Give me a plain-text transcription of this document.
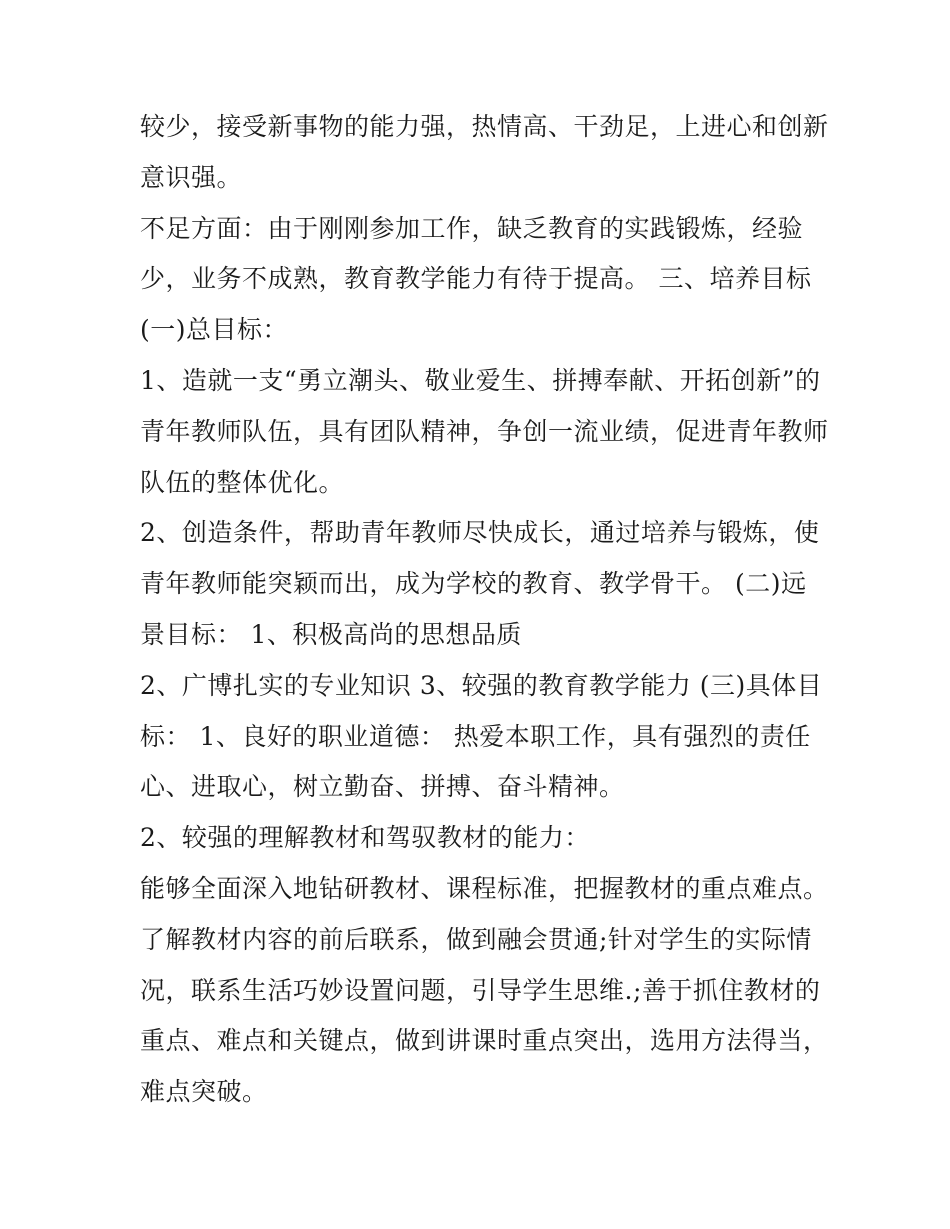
较少，接受新事物的能力强，热情高、干劲足，上进心和创新
意识强。
不足方面：由于刚刚参加工作，缺乏教育的实践锻炼，经验
少，业务不成熟，教育教学能力有待于提高。 三、培养目标
(一)总目标：
1、造就一支“勇立潮头、敬业爱生、拼搏奉献、开拓创新”的
青年教师队伍，具有团队精神，争创一流业绩，促进青年教师
队伍的整体优化。
2、创造条件，帮助青年教师尽快成长，通过培养与锻炼，使
青年教师能突颖而出，成为学校的教育、教学骨干。 (二)远
景目标： 1、积极高尚的思想品质
2、广博扎实的专业知识 3、较强的教育教学能力 (三)具体目
标： 1、良好的职业道德： 热爱本职工作，具有强烈的责任
心、进取心，树立勤奋、拼搏、奋斗精神。
2、较强的理解教材和驾驭教材的能力：
能够全面深入地钻研教材、课程标准，把握教材的重点难点。
了解教材内容的前后联系，做到融会贯通;针对学生的实际情
况，联系生活巧妙设置问题，引导学生思维.;善于抓住教材的
重点、难点和关键点，做到讲课时重点突出，选用方法得当，
难点突破。
